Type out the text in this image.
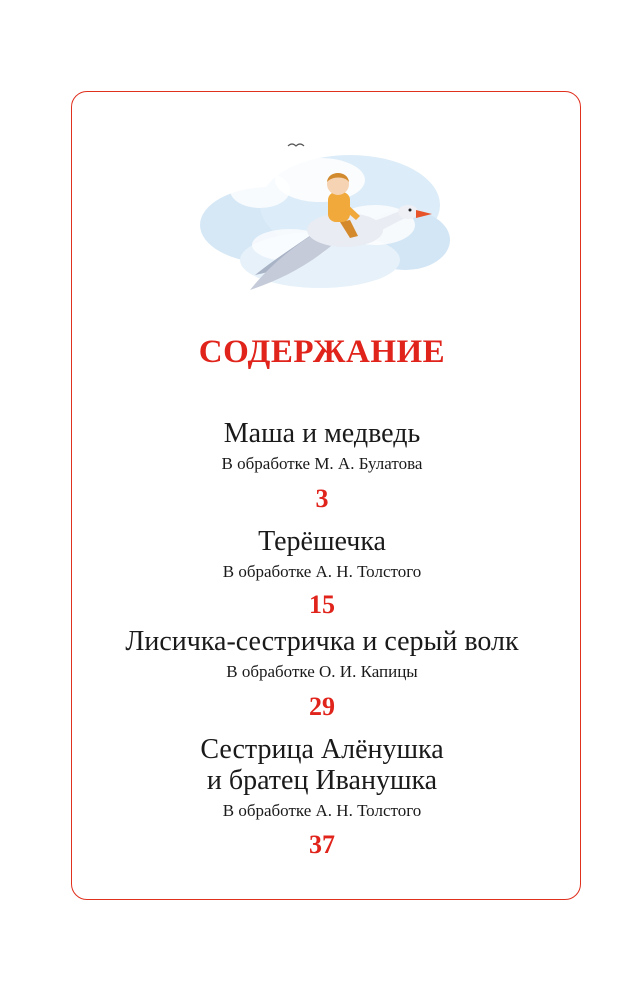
СОДЕРЖАНИЕ
Маша и медведь
В обработке М. А. Булатова
3
Терёшечка
В обработке А. Н. Толстого
15
Лисичка-сестричка и серый волк
В обработке О. И. Капицы
29
Сестрица Алёнушка
и братец Иванушка
В обработке А. Н. Толстого
37
